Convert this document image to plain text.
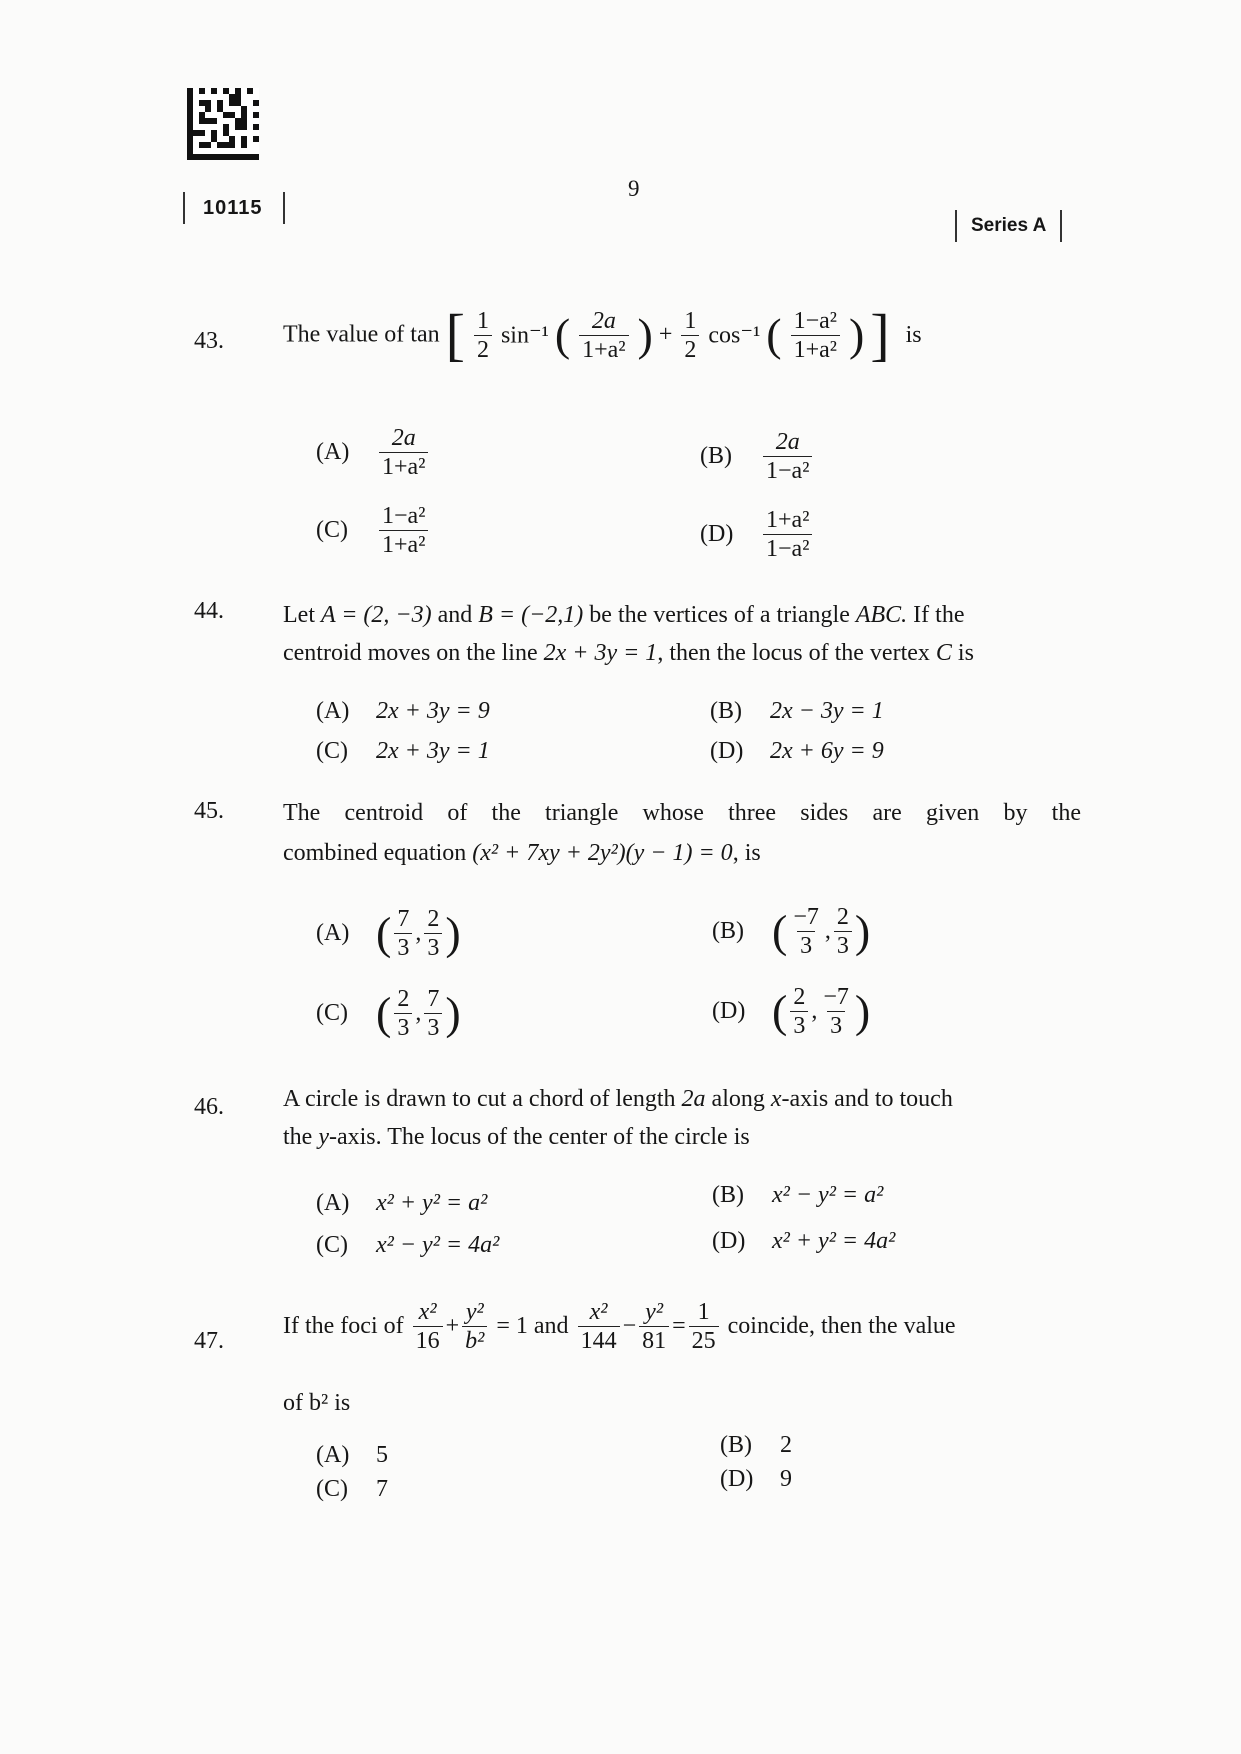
10115
9
Series A
43. The value of tan [ $\frac{1}{2} \sin^{-1}$ ( $\frac{2a}{\text{1+a²}}$ ) + $\frac{1}{2} \cos^{-1}$ ( $\frac{\text{1−a²}}{\text{1+a²}}$ ) ] is
$(A) \frac{2a}{\text{1+a²}}$	$(B) \frac{2a}{\text{1−a²}}$
$(C) \frac{\text{1−a²}}{\text{1+a²}}$	$(D) \frac{\text{1+a²}}{\text{1−a²}}$
44. Let A = (2, −3) and B = (−2,1) be the vertices of a triangle ABC. If the
centroid moves on the line 2x + 3y = 1, then the locus of the vertex C is
(A) 2x + 3y = 9	(B) 2x − 3y = 1
(C) 2x + 3y = 1	(D) 2x + 6y = 9
45. The centroid of the triangle whose three sides are given by the
combined equation (x² + 7xy + 2y²)(y − 1) = 0, is
(A) ( $\frac{7}{3}$ , $\frac{2}{3}$ )	(B) ( $\frac{-7}{3}$ , $\frac{2}{3}$ )
(C) ( $\frac{2}{3}$ , $\frac{7}{3}$ )	(D) ( $\frac{2}{3}$ , $\frac{-7}{3}$ )
46. A circle is drawn to cut a chord of length 2a along x-axis and to touch
the y-axis. The locus of the center of the circle is
(A) x² + y² = a²	(B) x² − y² = a²
(C) x² − y² = 4a²	(D) x² + y² = 4a²
47.
If the foci of $\frac{\text{x²}}{16} + \frac{\text{y²}}{\text{b²}} = 1$ and $\frac{\text{x²}}{144} - \frac{\text{y²}}{81} = \frac{1}{25}$ coincide, then the value
of b² is
(A) 5	(B) 2
(C) 7	(D) 9
